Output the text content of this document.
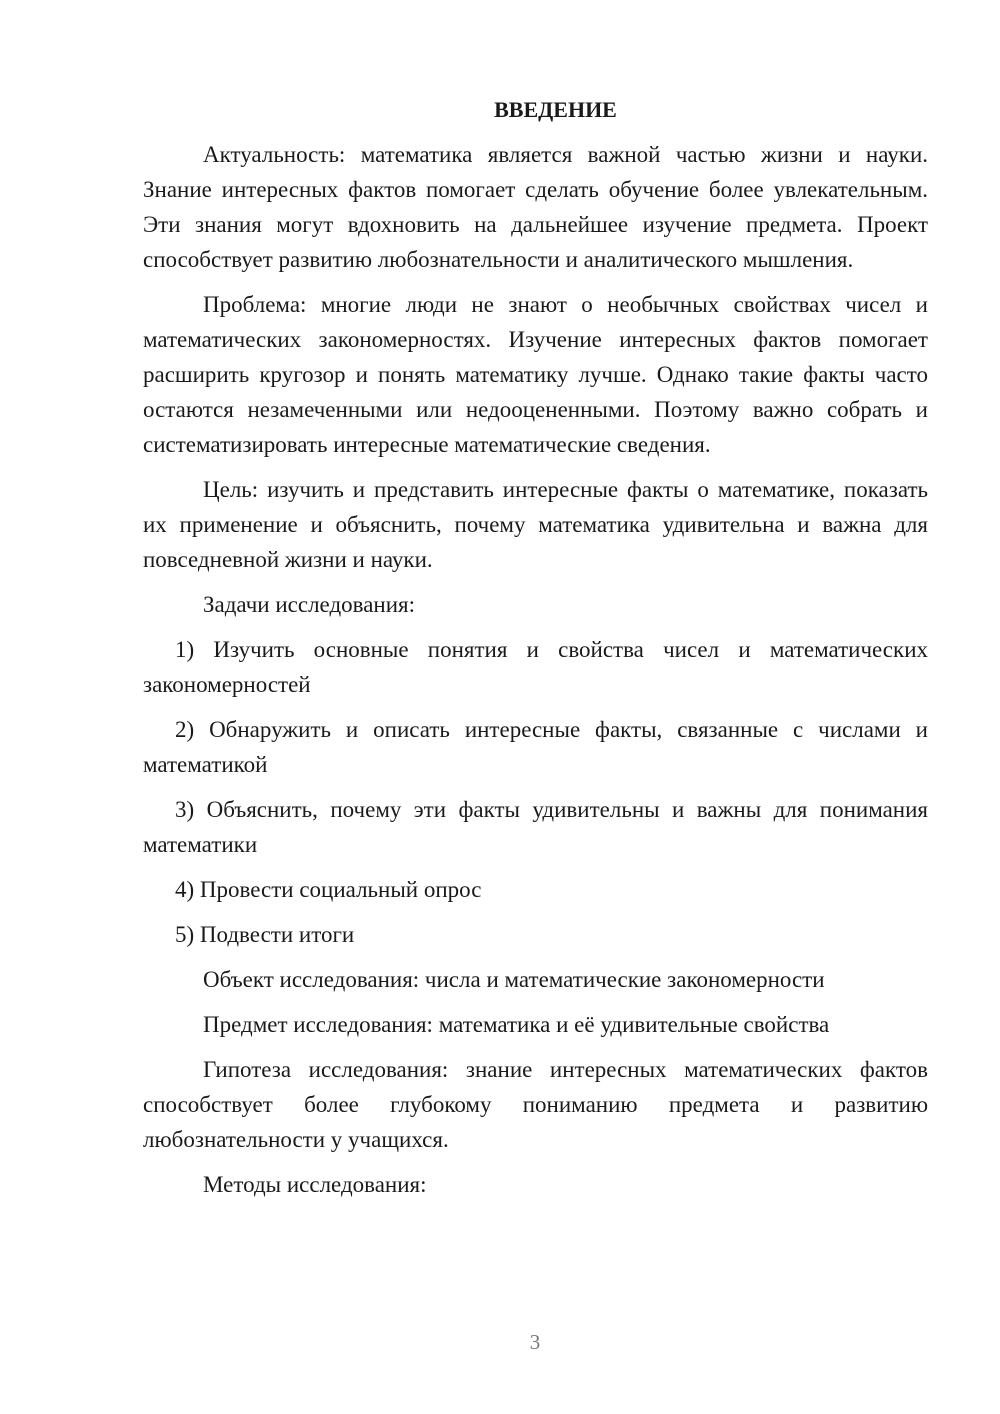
ВВЕДЕНИЕ

Актуальность: математика является важной частью жизни и науки. Знание интересных фактов помогает сделать обучение более увлекательным. Эти знания могут вдохновить на дальнейшее изучение предмета. Проект способствует развитию любознательности и аналитического мышления.

Проблема: многие люди не знают о необычных свойствах чисел и математических закономерностях. Изучение интересных фактов помогает расширить кругозор и понять математику лучше. Однако такие факты часто остаются незамеченными или недооцененными. Поэтому важно собрать и систематизировать интересные математические сведения.

Цель: изучить и представить интересные факты о математике, показать их применение и объяснить, почему математика удивительна и важна для повседневной жизни и науки.

Задачи исследования:

1) Изучить основные понятия и свойства чисел и математических закономерностей

2) Обнаружить и описать интересные факты, связанные с числами и математикой

3) Объяснить, почему эти факты удивительны и важны для понимания математики

4) Провести социальный опрос

5) Подвести итоги

Объект исследования: числа и математические закономерности

Предмет исследования: математика и её удивительные свойства

Гипотеза исследования: знание интересных математических фактов способствует более глубокому пониманию предмета и развитию любознательности у учащихся.

Методы исследования:

3
